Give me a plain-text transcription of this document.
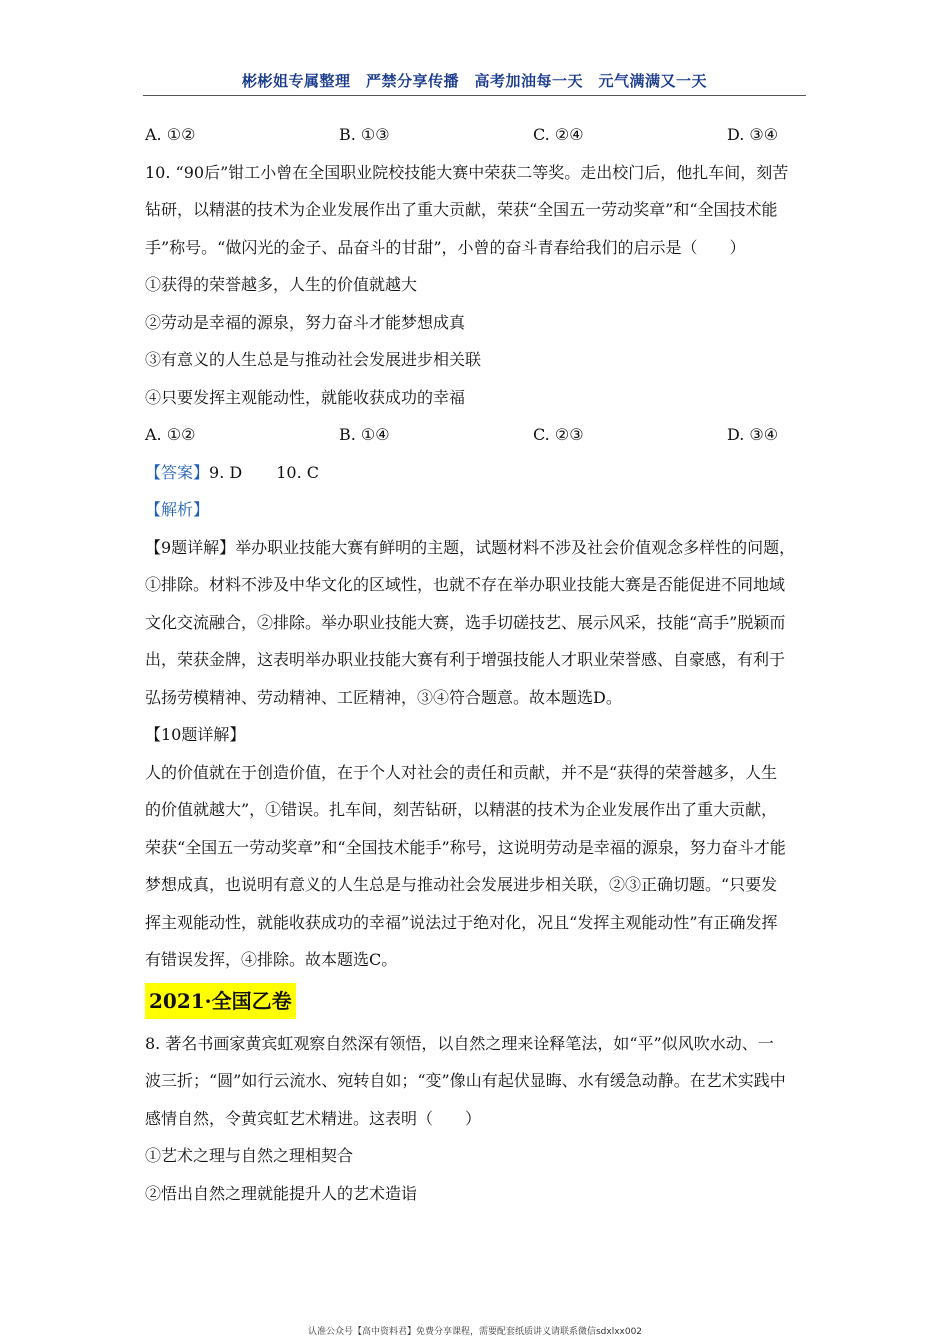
彬彬姐专属整理　严禁分享传播　高考加油每一天　元气满满又一天
A. ①②	B. ①③	C. ②④	D. ③④
10. “90后”钳工小曾在全国职业院校技能大赛中荣获二等奖。走出校门后，他扎车间，刻苦
钻研，以精湛的技术为企业发展作出了重大贡献，荣获“全国五一劳动奖章”和“全国技术能
手”称号。“做闪光的金子、品奋斗的甘甜”，小曾的奋斗青春给我们的启示是（　　）
①获得的荣誉越多，人生的价值就越大
②劳动是幸福的源泉，努力奋斗才能梦想成真
③有意义的人生总是与推动社会发展进步相关联
④只要发挥主观能动性，就能收获成功的幸福
A. ①②	B. ①④	C. ②③	D. ③④
【答案】9. D 10. C
【解析】
【9题详解】举办职业技能大赛有鲜明的主题，试题材料不涉及社会价值观念多样性的问题，
①排除。材料不涉及中华文化的区域性，也就不存在举办职业技能大赛是否能促进不同地域
文化交流融合，②排除。举办职业技能大赛，选手切磋技艺、展示风采，技能“高手”脱颖而
出，荣获金牌，这表明举办职业技能大赛有利于增强技能人才职业荣誉感、自豪感，有利于
弘扬劳模精神、劳动精神、工匠精神，③④符合题意。故本题选D。
【10题详解】
人的价值就在于创造价值，在于个人对社会的责任和贡献，并不是“获得的荣誉越多，人生
的价值就越大”，①错误。扎车间，刻苦钻研，以精湛的技术为企业发展作出了重大贡献，
荣获“全国五一劳动奖章”和“全国技术能手”称号，这说明劳动是幸福的源泉，努力奋斗才能
梦想成真，也说明有意义的人生总是与推动社会发展进步相关联，②③正确切题。“只要发
挥主观能动性，就能收获成功的幸福”说法过于绝对化，况且“发挥主观能动性”有正确发挥
有错误发挥，④排除。故本题选C。
2021·全国乙卷
8. 著名书画家黄宾虹观察自然深有领悟，以自然之理来诠释笔法，如“平”似风吹水动、一
波三折；“圆”如行云流水、宛转自如；“变”像山有起伏显晦、水有缓急动静。在艺术实践中
感情自然，令黄宾虹艺术精进。这表明（　　）
①艺术之理与自然之理相契合
②悟出自然之理就能提升人的艺术造诣
认准公众号【高中资料君】免费分享课程，需要配套纸质讲义请联系微信sdxlxx002
